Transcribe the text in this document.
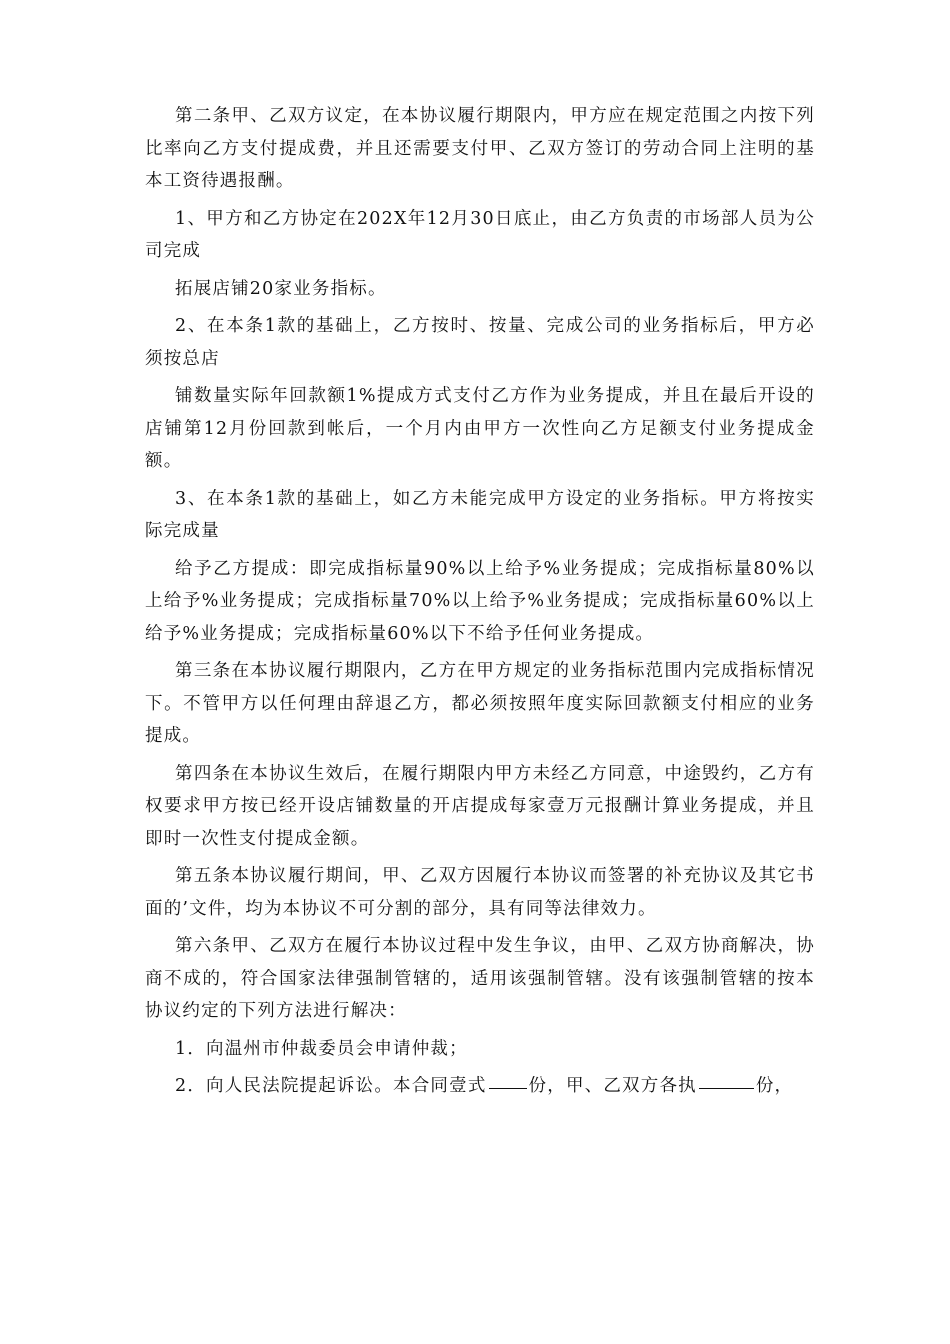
第二条甲、乙双方议定，在本协议履行期限内，甲方应在规定范围之内按下列比率向乙方支付提成费，并且还需要支付甲、乙双方签订的劳动合同上注明的基本工资待遇报酬。

1、甲方和乙方协定在202X年12月30日底止，由乙方负责的市场部人员为公司完成

拓展店铺20家业务指标。

2、在本条1款的基础上，乙方按时、按量、完成公司的业务指标后，甲方必须按总店

铺数量实际年回款额1%提成方式支付乙方作为业务提成，并且在最后开设的店铺第12月份回款到帐后，一个月内由甲方一次性向乙方足额支付业务提成金额。

3、在本条1款的基础上，如乙方未能完成甲方设定的业务指标。甲方将按实际完成量

给予乙方提成：即完成指标量90%以上给予%业务提成；完成指标量80%以上给予%业务提成；完成指标量70%以上给予%业务提成；完成指标量60%以上给予%业务提成；完成指标量60%以下不给予任何业务提成。

第三条在本协议履行期限内，乙方在甲方规定的业务指标范围内完成指标情况下。不管甲方以任何理由辞退乙方，都必须按照年度实际回款额支付相应的业务提成。

第四条在本协议生效后，在履行期限内甲方未经乙方同意，中途毁约，乙方有权要求甲方按已经开设店铺数量的开店提成每家壹万元报酬计算业务提成，并且即时一次性支付提成金额。

第五条本协议履行期间，甲、乙双方因履行本协议而签署的补充协议及其它书面的’文件，均为本协议不可分割的部分，具有同等法律效力。

第六条甲、乙双方在履行本协议过程中发生争议，由甲、乙双方协商解决，协商不成的，符合国家法律强制管辖的，适用该强制管辖。没有该强制管辖的按本协议约定的下列方法进行解决：

1．向温州市仲裁委员会申请仲裁；

2．向人民法院提起诉讼。本合同壹式 份，甲、乙双方各执	份，
